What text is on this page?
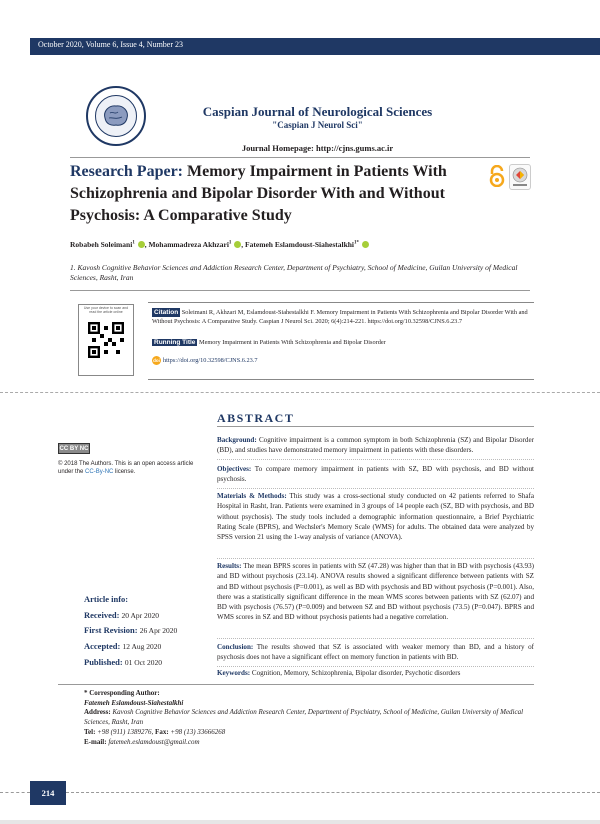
October 2020, Volume 6, Issue 4, Number 23
Caspian Journal of Neurological Sciences
"Caspian J Neurol Sci"
Journal Homepage: http://cjns.gums.ac.ir
Research Paper: Memory Impairment in Patients With Schizophrenia and Bipolar Disorder With and Without Psychosis: A Comparative Study
Robabeh Soleimani$^1$ , Mohammadreza Akhzari$^1$ , Fatemeh Eslamdoust-Siahestalkhi$^{1*}$
1. Kavosh Cognitive Behavior Sciences and Addiction Research Center, Department of Psychiatry, School of Medicine, Guilan University of Medical Sciences, Rasht, Iran
Use your device to scan and read the article online	Citation Soleimani R, Akhzari M, Eslamdoust-Siahestalkhi F. Memory Impairment in Patients With Schizophrenia and Bipolar Disorder With and Without Psychosis: A Comparative Study. Caspian J Neurol Sci. 2020; 6(4):214-221. https://doi.org/10.32598/CJNS.6.23.7
Running Title Memory Impairment in Patients With Schizophrenia and Bipolar Disorder
doi https://doi.org/10.32598/CJNS.6.23.7
CC BY NC
© 2018 The Authors. This is an open access article under the CC-By-NC license.
ABSTRACT
Background: Cognitive impairment is a common symptom in both Schizophrenia (SZ) and Bipolar Disorder (BD), and studies have demonstrated memory impairment in patients with these disorders.
Objectives: To compare memory impairment in patients with SZ, BD with psychosis, and BD without psychosis.
Materials & Methods: This study was a cross-sectional study conducted on 42 patients referred to Shafa Hospital in Rasht, Iran. Patients were examined in 3 groups of 14 people each (SZ, BD with psychosis, and BD without psychosis). The study tools included a demographic information questionnaire, a Brief Psychiatric Rating Scale (BPRS), and Wechsler's Memory Scale (WMS) for adults. The obtained data were analyzed by SPSS version 21 using the 1-way analysis of variance (ANOVA).
Results: The mean BPRS scores in patients with SZ (47.28) was higher than that in BD with psychosis (43.93) and BD without psychosis (23.14). ANOVA results showed a significant difference between patients with SZ and BD without psychosis (P=0.001), as well as BD with psychosis and BD without psychosis (P=0.001). Also, there was a statistically significant difference in the mean WMS scores between patients with SZ (62.07) and BD with psychosis (76.57) (P=0.009) and between SZ and BD without psychosis (73.5) (P=0.047). BPRS and WMS scores in SZ and BD without psychosis patients had a negative correlation.
Conclusion: The results showed that SZ is associated with weaker memory than BD, and a history of psychosis does not have a significant effect on memory function in patients with BD.
Keywords: Cognition, Memory, Schizophrenia, Bipolar disorder, Psychotic disorders
Article info:
Received: 20 Apr 2020
First Revision: 26 Apr 2020
Accepted: 12 Aug 2020
Published: 01 Oct 2020
* Corresponding Author:
Fatemeh Eslamdoust-Siahestalkhi
Address: Kavosh Cognitive Behavior Sciences and Addiction Research Center, Department of Psychiatry, School of Medicine, Guilan University of Medical Sciences, Rasht, Iran
Tel: +98 (911) 1389276, Fax: +98 (13) 33666268
E-mail: fatemeh.eslamdoust@gmail.com
214
